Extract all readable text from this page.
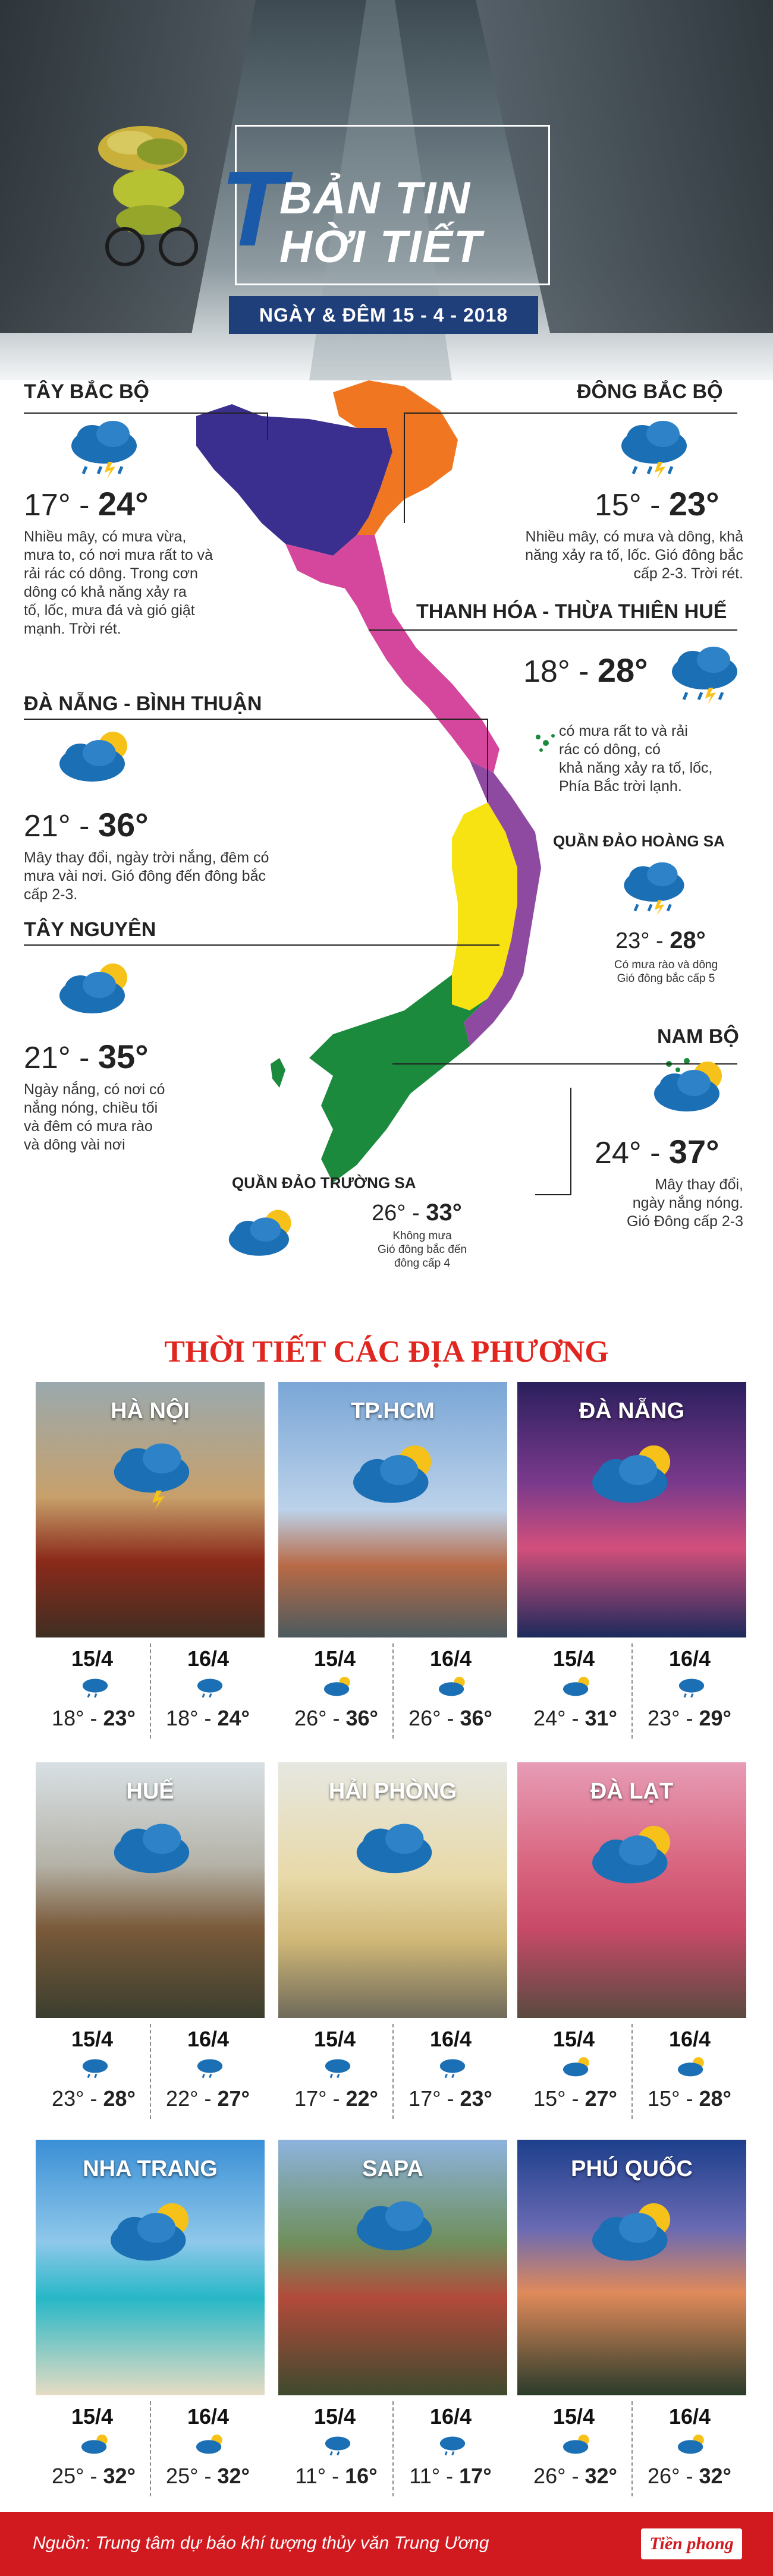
T
BẢN TIN
HỜI TIẾT
NGÀY & ĐÊM 15 - 4 - 2018
TÂY BẮC BỘ
17° - 24°
Nhiều mây, có mưa vừa,
mưa to, có nơi mưa rất to và
rải rác có dông. Trong cơn
dông có khả năng xảy ra
tố, lốc, mưa đá và gió giật
mạnh. Trời rét.
ĐÔNG BẮC BỘ
15° - 23°
Nhiều mây, có mưa và dông, khả
năng xảy ra tố, lốc. Gió đông bắc
cấp 2-3. Trời rét.
THANH HÓA - THỪA THIÊN HUẾ
18° - 28°
có mưa rất to và rải
rác có dông, có
khả năng xảy ra tố, lốc,
Phía Bắc trời lạnh.
ĐÀ NẴNG - BÌNH THUẬN
21° - 36°
Mây thay đổi, ngày trời nắng, đêm có
mưa vài nơi. Gió đông đến đông bắc
cấp 2-3.
QUẦN ĐẢO HOÀNG SA
23° - 28°
Có mưa rào và dông
Gió đông bắc cấp 5
TÂY NGUYÊN
21° - 35°
Ngày nắng, có nơi có
nắng nóng, chiều tối
và đêm có mưa rào
và dông vài nơi
NAM BỘ
24° - 37°
Mây thay đổi,
ngày nắng nóng.
Gió Đông cấp 2-3
QUẦN ĐẢO TRƯỜNG SA
26° - 33°
Không mưa
Gió đông bắc đến
đông cấp 4
THỜI TIẾT CÁC ĐỊA PHƯƠNG
HÀ NỘI
15/4	16/4
18° - 23°	18° - 24°
TP.HCM
15/4	16/4
26° - 36°	26° - 36°
ĐÀ NẴNG
15/4	16/4
24° - 31°	23° - 29°
HUẾ
15/4	16/4
23° - 28°	22° - 27°
HẢI PHÒNG
15/4	16/4
17° - 22°	17° - 23°
ĐÀ LẠT
15/4	16/4
15° - 27°	15° - 28°
NHA TRANG
15/4	16/4
25° - 32°	25° - 32°
SAPA
15/4	16/4
11° - 16°	11° - 17°
PHÚ QUỐC
15/4	16/4
26° - 32°	26° - 32°
Nguồn: Trung tâm dự báo khí tượng thủy văn Trung Ương	Tiền phong
